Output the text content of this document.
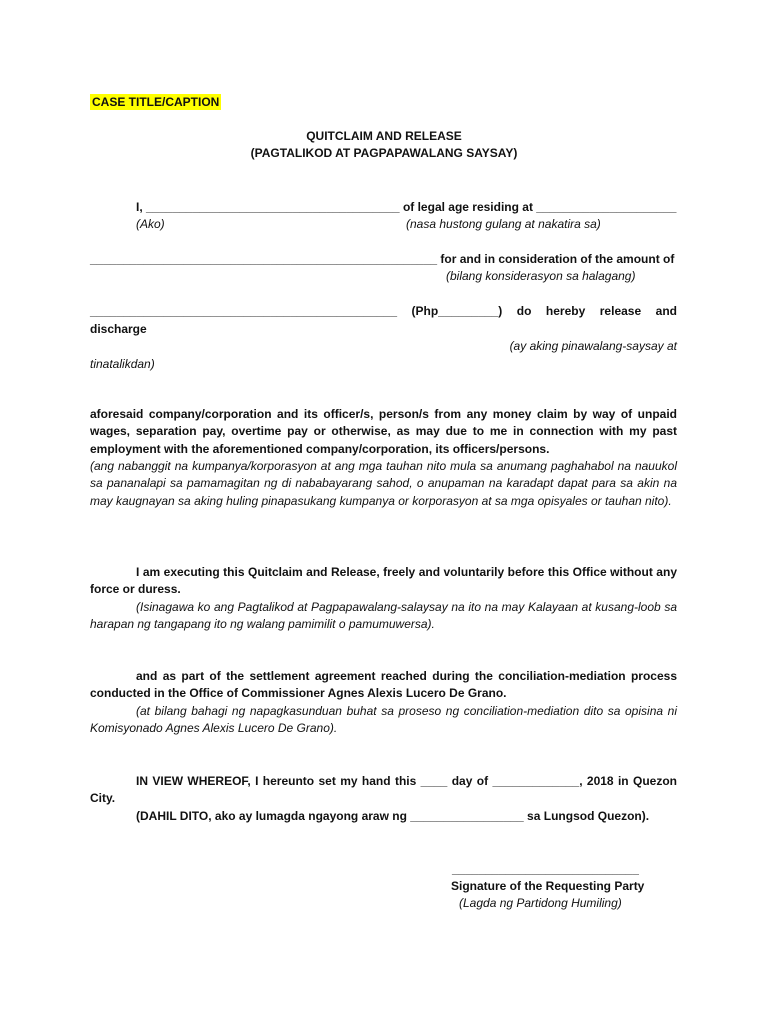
CASE TITLE/CAPTION
QUITCLAIM AND RELEASE
(PAGTALIKOD AT PAGPAPAWALANG SAYSAY)
I, ______________________________________ of legal age residing at _____________________
(Ako)	(nasa hustong gulang at nakatira sa)
____________________________________________________ for and in consideration of the amount of
(bilang konsiderasyon sa halagang)
______________________________________________ (Php_________) do hereby release and
discharge
(ay aking pinawalang-saysay at
tinatalikdan)
aforesaid company/corporation and its officer/s, person/s from any money claim by way of unpaid wages, separation pay, overtime pay or otherwise, as may due to me in connection with my past employment with the aforementioned company/corporation, its officers/persons.
(ang nabanggit na kumpanya/korporasyon at ang mga tauhan nito mula sa anumang paghahabol na nauukol sa pananalapi sa pamamagitan ng di nababayarang sahod, o anupaman na karadapt dapat para sa akin na may kaugnayan sa aking huling pinapasukang kumpanya or korporasyon at sa mga opisyales or tauhan nito).
I am executing this Quitclaim and Release, freely and voluntarily before this Office without any force or duress.
(Isinagawa ko ang Pagtalikod at Pagpapawalang-salaysay na ito na may Kalayaan at kusang-loob sa harapan ng tangapang ito ng walang pamimilit o pamumuwersa).
and as part of the settlement agreement reached during the conciliation-mediation process conducted in the Office of Commissioner Agnes Alexis Lucero De Grano.
(at bilang bahagi ng napagkasunduan buhat sa proseso ng conciliation-mediation dito sa opisina ni Komisyonado Agnes Alexis Lucero De Grano).
IN VIEW WHEREOF, I hereunto set my hand this ____ day of _____________, 2018 in Quezon City.
(DAHIL DITO, ako ay lumagda ngayong araw ng _________________ sa Lungsod Quezon).
____________________________
Signature of the Requesting Party
(Lagda ng Partidong Humiling)
